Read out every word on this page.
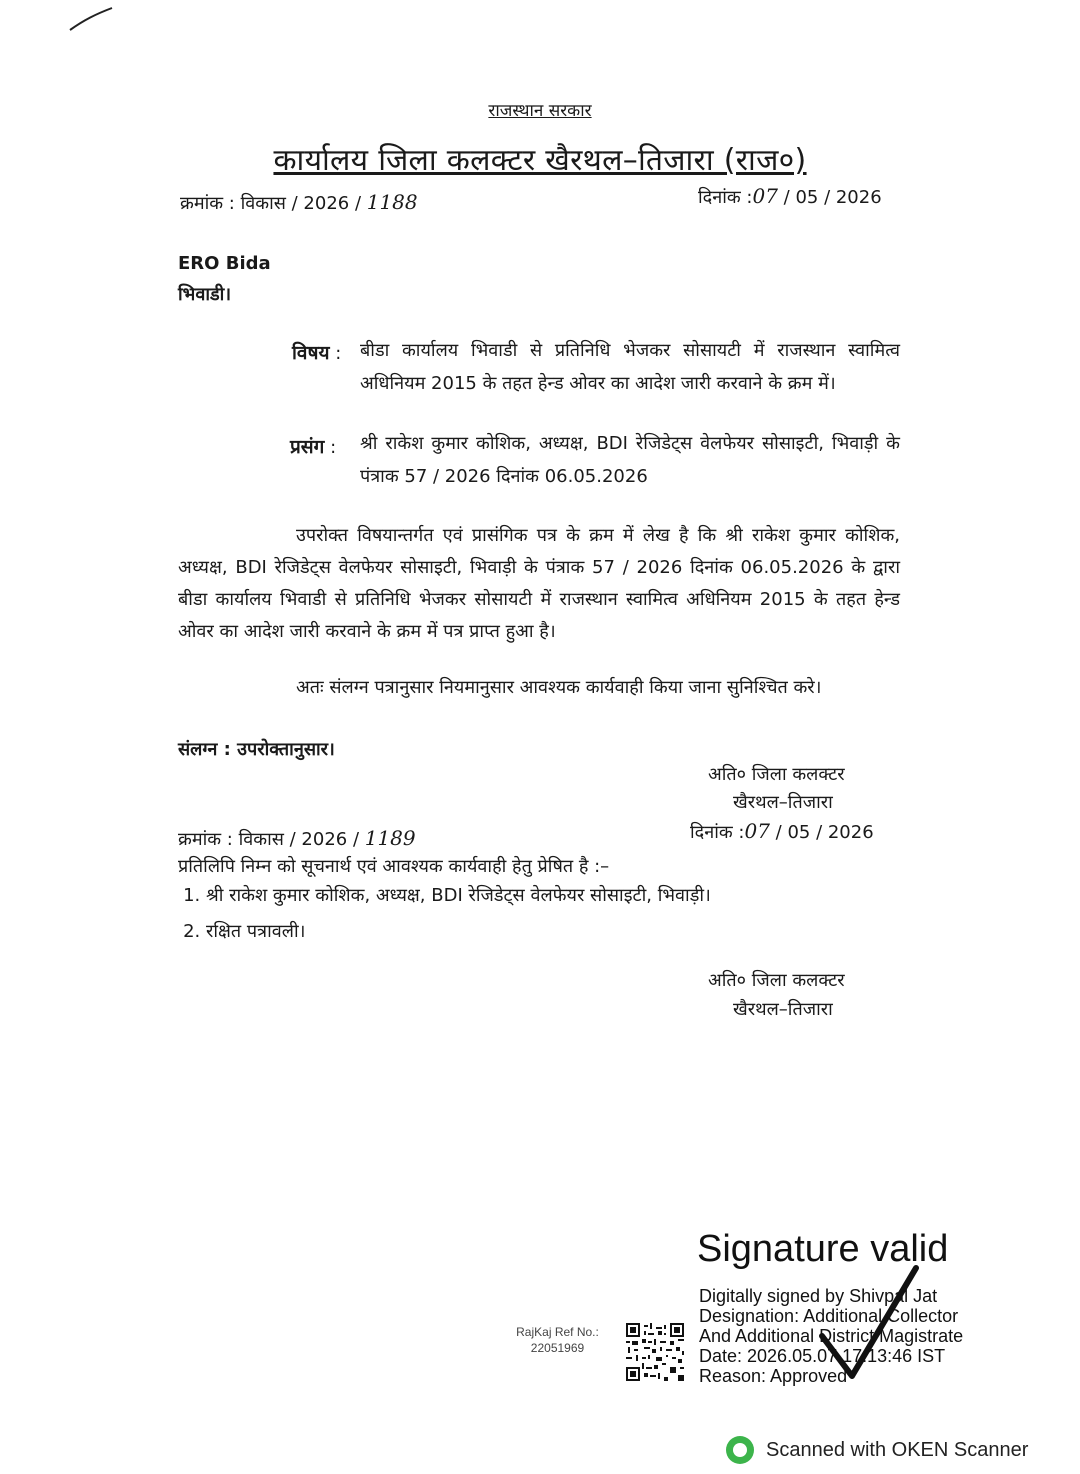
राजस्थान सरकार
कार्यालय जिला कलक्टर खैरथल–तिजारा (राज०)
क्रमांक : विकास / 2026 / 1188	दिनांक :07 / 05 / 2026
ERO Bida
भिवाडी।
विषय : बीडा कार्यालय भिवाडी से प्रतिनिधि भेजकर सोसायटी में राजस्थान स्वामित्व अधिनियम 2015 के तहत हेन्ड ओवर का आदेश जारी करवाने के क्रम में।
प्रसंग : श्री राकेश कुमार कोशिक, अध्यक्ष, BDI रेजिडेट्स वेलफेयर सोसाइटी, भिवाड़ी के पंत्राक 57 / 2026 दिनांक 06.05.2026
उपरोक्त विषयान्तर्गत एवं प्रासंगिक पत्र के क्रम में लेख है कि श्री राकेश कुमार कोशिक, अध्यक्ष, BDI रेजिडेट्स वेलफेयर सोसाइटी, भिवाड़ी के पंत्राक 57 / 2026 दिनांक 06.05.2026 के द्वारा बीडा कार्यालय भिवाडी से प्रतिनिधि भेजकर सोसायटी में राजस्थान स्वामित्व अधिनियम 2015 के तहत हेन्ड ओवर का आदेश जारी करवाने के क्रम में पत्र प्राप्त हुआ है।
अतः संलग्न पत्रानुसार नियमानुसार आवश्यक कार्यवाही किया जाना सुनिश्चित करे।
संलग्न : उपरोक्तानुसार।
अति० जिला कलक्टर
खैरथल–तिजारा
क्रमांक : विकास / 2026 / 1189	दिनांक :07 / 05 / 2026
प्रतिलिपि निम्न को सूचनार्थ एवं आवश्यक कार्यवाही हेतु प्रेषित है :–
1. श्री राकेश कुमार कोशिक, अध्यक्ष, BDI रेजिडेट्स वेलफेयर सोसाइटी, भिवाड़ी।
2. रक्षित पत्रावली।
अति० जिला कलक्टर
खैरथल–तिजारा
Signature valid
Digitally signed by Shivpal Jat
Designation: Additional Collector
And Additional District Magistrate
Date: 2026.05.07 17:13:46 IST
Reason: Approved
RajKaj Ref No.:
22051969
Scanned with OKEN Scanner
